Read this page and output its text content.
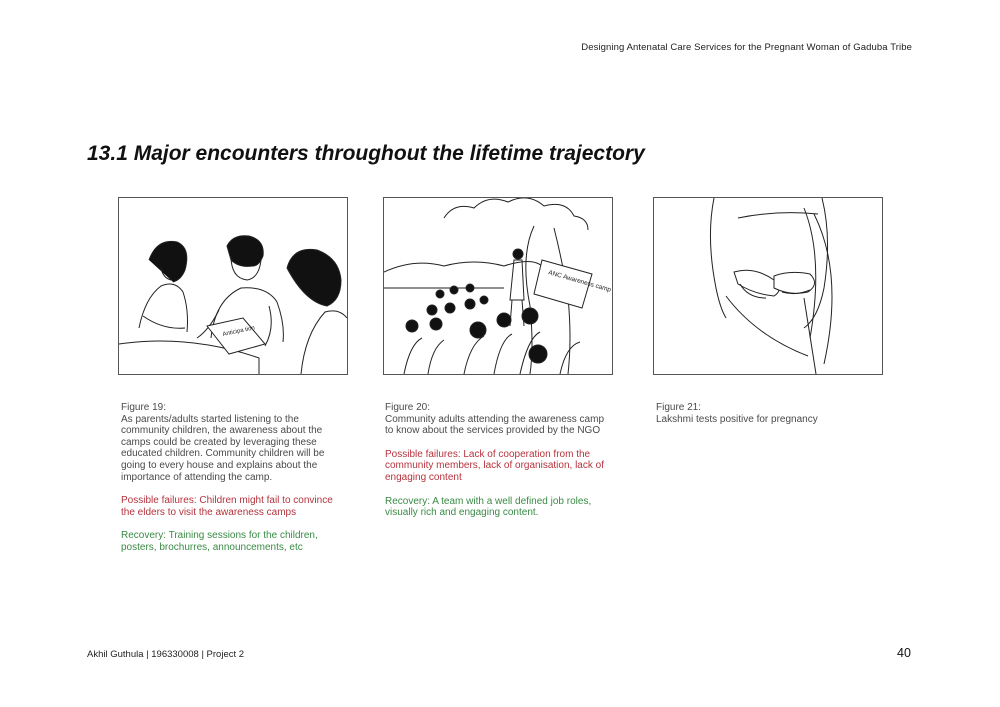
Designing Antenatal Care Services for the Pregnant Woman of Gaduba Tribe
13.1 Major encounters throughout the lifetime trajectory
Anticipa tion
ANC Awareness camp

Figure 19:
As parents/adults started listening to the community children, the awareness about the camps could be created by leveraging these educated children. Community children will be going to every house and explains about the importance of attending the camp.

Possible failures: Children might fail to convince the elders to visit the awareness camps

Recovery: Training sessions for the children, posters, brochurres, announcements, etc

Figure 20:
Community adults attending the awareness camp to know about the services provided by the NGO

Possible failures: Lack of cooperation from the community members, lack of organisation, lack of engaging content

Recovery: A team with a well defined job roles, visually rich and engaging content.

Figure 21:
Lakshmi tests positive for pregnancy

Akhil Guthula | 196330008 | Project 2	40
